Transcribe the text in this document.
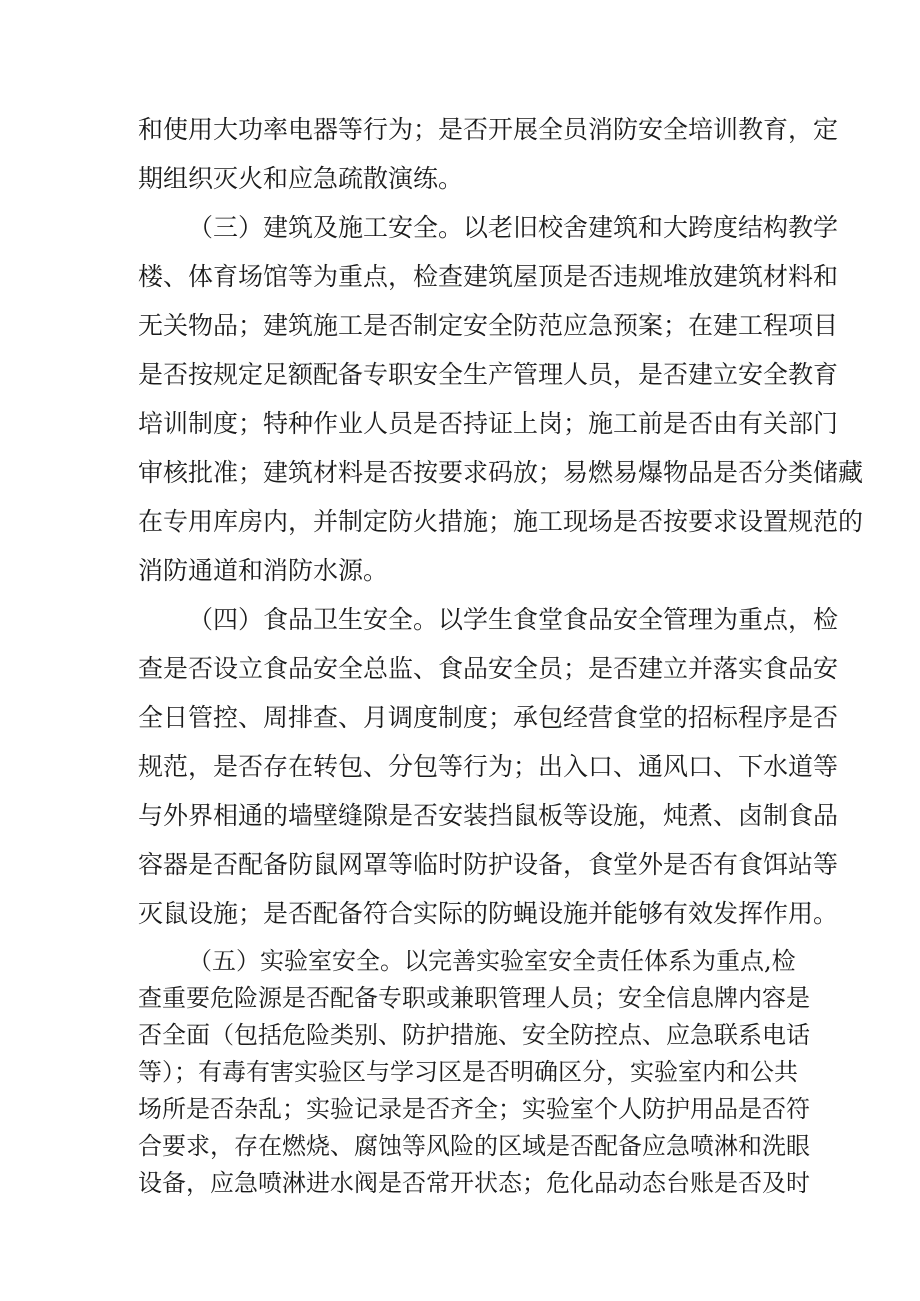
和使用大功率电器等行为；是否开展全员消防安全培训教育，定
期组织灭火和应急疏散演练。
（三）建筑及施工安全。以老旧校舍建筑和大跨度结构教学
楼、体育场馆等为重点，检查建筑屋顶是否违规堆放建筑材料和
无关物品；建筑施工是否制定安全防范应急预案；在建工程项目
是否按规定足额配备专职安全生产管理人员，是否建立安全教育
培训制度；特种作业人员是否持证上岗；施工前是否由有关部门
审核批准；建筑材料是否按要求码放；易燃易爆物品是否分类储藏
在专用库房内，并制定防火措施；施工现场是否按要求设置规范的
消防通道和消防水源。
（四）食品卫生安全。以学生食堂食品安全管理为重点，检
查是否设立食品安全总监、食品安全员；是否建立并落实食品安
全日管控、周排查、月调度制度；承包经营食堂的招标程序是否
规范，是否存在转包、分包等行为；出入口、通风口、下水道等
与外界相通的墙壁缝隙是否安装挡鼠板等设施，炖煮、卤制食品
容器是否配备防鼠网罩等临时防护设备，食堂外是否有食饵站等
灭鼠设施；是否配备符合实际的防蝇设施并能够有效发挥作用。
（五）实验室安全。以完善实验室安全责任体系为重点,检
查重要危险源是否配备专职或兼职管理人员；安全信息牌内容是
否全面（包括危险类别、防护措施、安全防控点、应急联系电话
等）；有毒有害实验区与学习区是否明确区分，实验室内和公共
场所是否杂乱；实验记录是否齐全；实验室个人防护用品是否符
合要求，存在燃烧、腐蚀等风险的区域是否配备应急喷淋和洗眼
设备，应急喷淋进水阀是否常开状态；危化品动态台账是否及时
